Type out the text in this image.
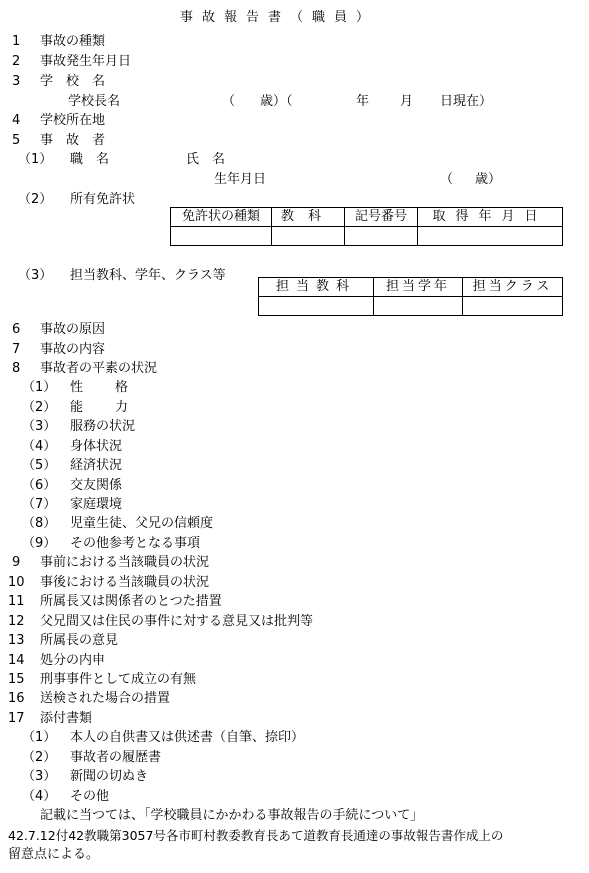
事故報告書（職員）
1 事故の種類
2 事故発生年月日
3 学校名
学校長名	（ 歳）（	年 月 日現在）
4 学校所在地
5 事故者
（1） 職名	氏名
生年月日	（ 歳）
（2） 所有免許状
免許状の種類	教科	記号番号	取得年月日

（3） 担当教科、学年、クラス等
担当教科	担当学年	担当クラス

6 事故の原因
7 事故の内容
8 事故者の平素の状況
（1） 性格
（2） 能力
（3） 服務の状況
（4） 身体状況
（5） 経済状況
（6） 交友関係
（7） 家庭環境
（8） 児童生徒、父兄の信頼度
（9） その他参考となる事項
9 事前における当該職員の状況
10 事後における当該職員の状況
11 所属長又は関係者のとつた措置
12 父兄間又は住民の事件に対する意見又は批判等
13 所属長の意見
14 処分の内申
15 刑事事件として成立の有無
16 送検された場合の措置
17 添付書類
（1） 本人の自供書又は供述書（自筆、捺印）
（2） 事故者の履歴書
（3） 新聞の切ぬき
（4） その他
記載に当つては、「学校職員にかかわる事故報告の手続について」
42.7.12付42教職第3057号各市町村教委教育長あて道教育長通達の事故報告書作成上の
留意点による。
